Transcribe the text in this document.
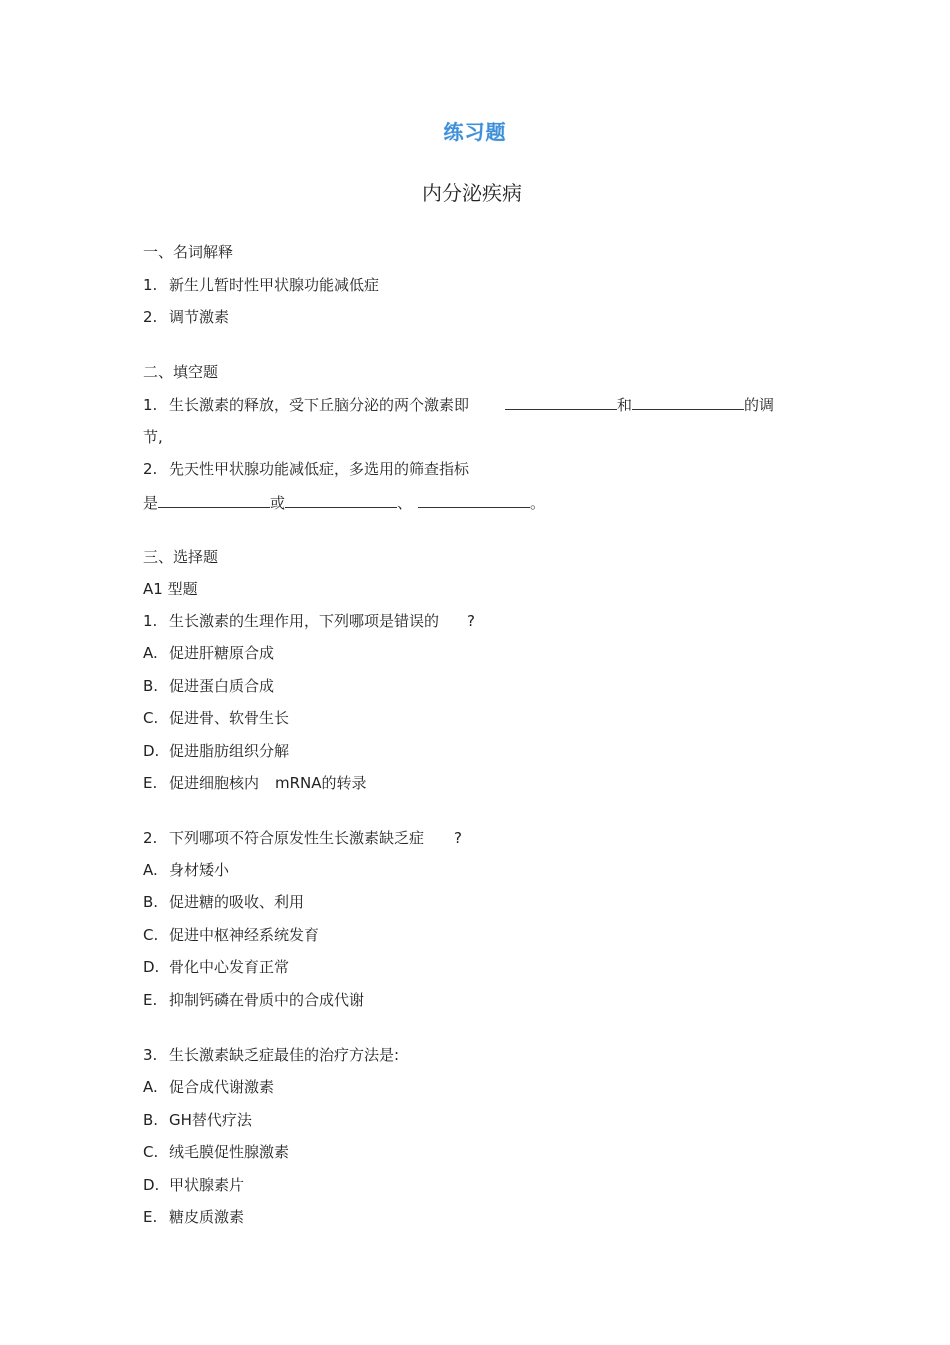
练习题
内分泌疾病
一、名词解释
1. 新生儿暂时性甲状腺功能减低症
2. 调节激素
二、填空题
1. 生长激素的释放，受下丘脑分泌的两个激素即	和	的调
节,
2. 先天性甲状腺功能减低症，多选用的筛查指标
是	或	、	。
三、选择题
A1 型题
1. 生长激素的生理作用，下列哪项是错误的 ?
A. 促进肝糖原合成
B. 促进蛋白质合成
C. 促进骨、软骨生长
D. 促进脂肪组织分解
E. 促进细胞核内 mRNA的转录
2. 下列哪项不符合原发性生长激素缺乏症 ?
A. 身材矮小
B. 促进糖的吸收、利用
C. 促进中枢神经系统发育
D. 骨化中心发育正常
E. 抑制钙磷在骨质中的合成代谢
3. 生长激素缺乏症最佳的治疗方法是:
A. 促合成代谢激素
B. GH替代疗法
C. 绒毛膜促性腺激素
D. 甲状腺素片
E. 糖皮质激素
